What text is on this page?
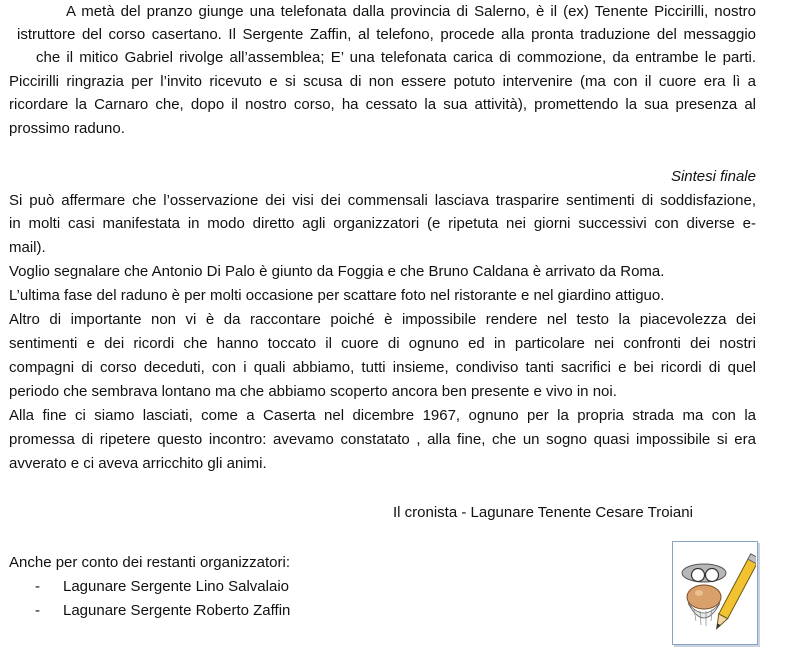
A metà del pranzo giunge una telefonata dalla provincia di Salerno, è il (ex) Tenente Piccirilli, nostro
istruttore del corso casertano. Il Sergente Zaffin, al telefono, procede alla pronta traduzione del messaggio
che il mitico Gabriel rivolge all’assemblea; E’ una telefonata carica di commozione, da entrambe le parti.
Piccirilli ringrazia per l’invito ricevuto e si scusa di non essere potuto intervenire (ma con il cuore era lì a
ricordare la Carnaro che, dopo il nostro corso, ha cessato la sua attività), promettendo la sua presenza al
prossimo raduno.
Sintesi finale
Si può affermare che l’osservazione dei visi dei commensali lasciava trasparire sentimenti di soddisfazione,
in molti casi manifestata in modo diretto agli organizzatori (e ripetuta nei giorni successivi con diverse e-
mail).
Voglio segnalare che Antonio Di Palo è giunto da Foggia e che Bruno Caldana è arrivato da Roma.
L’ultima fase del raduno è per molti occasione per scattare foto nel ristorante e nel giardino attiguo.
Altro di importante non vi è da raccontare poiché è impossibile rendere nel testo la piacevolezza dei
sentimenti e dei ricordi che hanno toccato il cuore di ognuno ed in particolare nei confronti dei nostri
compagni di corso deceduti, con i quali abbiamo, tutti insieme, condiviso tanti sacrifici e bei ricordi di quel
periodo che sembrava lontano ma che abbiamo scoperto ancora ben presente e vivo in noi.
Alla fine ci siamo lasciati, come a Caserta nel dicembre 1967, ognuno per la propria strada ma con la
promessa di ripetere questo incontro: avevamo constatato , alla fine, che un sogno quasi impossibile si era
avverato e ci aveva arricchito gli animi.
Il cronista - Lagunare Tenente Cesare Troiani
Anche per conto dei restanti organizzatori:
- Lagunare Sergente Lino Salvalaio
- Lagunare Sergente Roberto Zaffin
